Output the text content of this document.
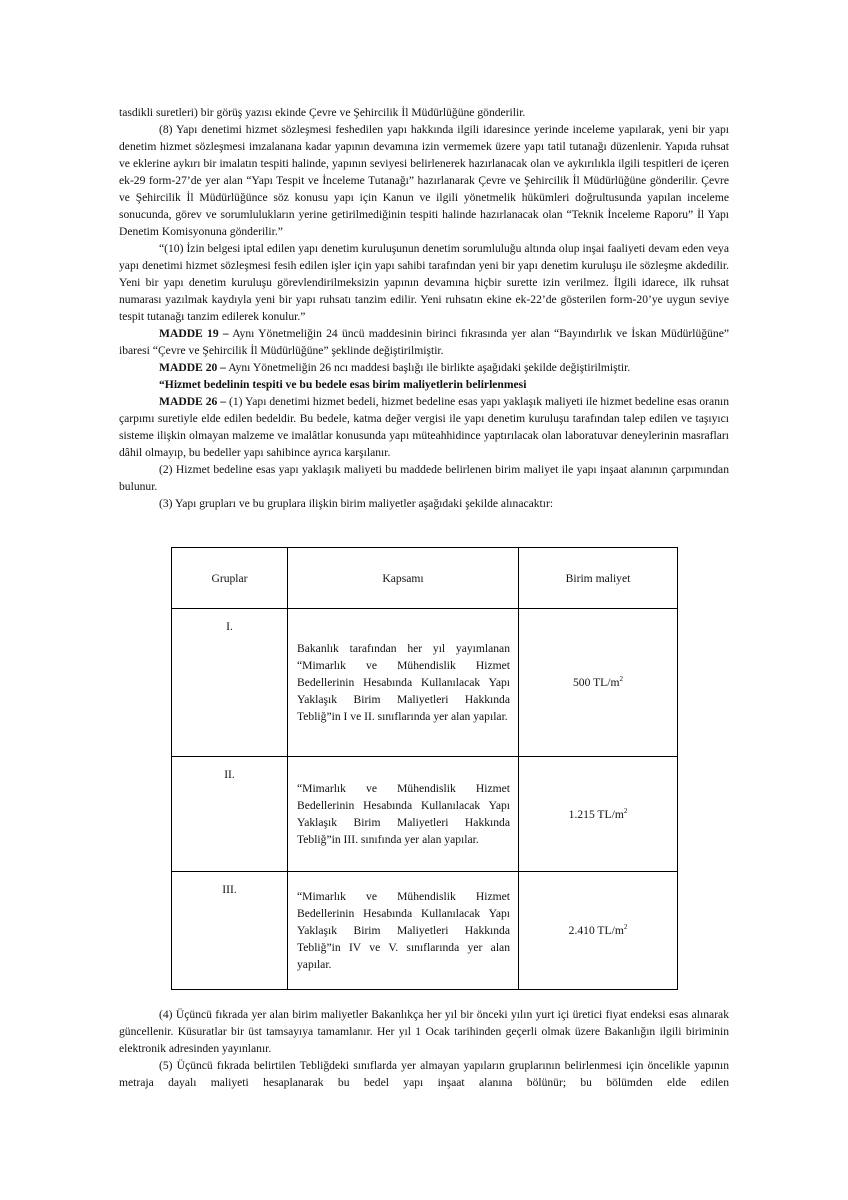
tasdikli suretleri) bir görüş yazısı ekinde Çevre ve Şehircilik İl Müdürlüğüne gönderilir.

(8) Yapı denetimi hizmet sözleşmesi feshedilen yapı hakkında ilgili idaresince yerinde inceleme yapılarak, yeni bir yapı denetim hizmet sözleşmesi imzalanana kadar yapının devamına izin vermemek üzere yapı tatil tutanağı düzenlenir. Yapıda ruhsat ve eklerine aykırı bir imalatın tespiti halinde, yapının seviyesi belirlenerek hazırlanacak olan ve aykırılıkla ilgili tespitleri de içeren ek-29 form-27’de yer alan “Yapı Tespit ve İnceleme Tutanağı” hazırlanarak Çevre ve Şehircilik İl Müdürlüğüne gönderilir. Çevre ve Şehircilik İl Müdürlüğünce söz konusu yapı için Kanun ve ilgili yönetmelik hükümleri doğrultusunda yapılan inceleme sonucunda, görev ve sorumlulukların yerine getirilmediğinin tespiti halinde hazırlanacak olan “Teknik İnceleme Raporu” İl Yapı Denetim Komisyonuna gönderilir.”

“(10) İzin belgesi iptal edilen yapı denetim kuruluşunun denetim sorumluluğu altında olup inşai faaliyeti devam eden veya yapı denetimi hizmet sözleşmesi fesih edilen işler için yapı sahibi tarafından yeni bir yapı denetim kuruluşu ile sözleşme akdedilir. Yeni bir yapı denetim kuruluşu görevlendirilmeksizin yapının devamına hiçbir surette izin verilmez. İlgili idarece, ilk ruhsat numarası yazılmak kaydıyla yeni bir yapı ruhsatı tanzim edilir. Yeni ruhsatın ekine ek-22’de gösterilen form-20’ye uygun seviye tespit tutanağı tanzim edilerek konulur.”

MADDE 19 – Aynı Yönetmeliğin 24 üncü maddesinin birinci fıkrasında yer alan “Bayındırlık ve İskan Müdürlüğüne” ibaresi “Çevre ve Şehircilik İl Müdürlüğüne” şeklinde değiştirilmiştir.

MADDE 20 – Aynı Yönetmeliğin 26 ncı maddesi başlığı ile birlikte aşağıdaki şekilde değiştirilmiştir.

“Hizmet bedelinin tespiti ve bu bedele esas birim maliyetlerin belirlenmesi

MADDE 26 – (1) Yapı denetimi hizmet bedeli, hizmet bedeline esas yapı yaklaşık maliyeti ile hizmet bedeline esas oranın çarpımı suretiyle elde edilen bedeldir. Bu bedele, katma değer vergisi ile yapı denetim kuruluşu tarafından talep edilen ve taşıyıcı sisteme ilişkin olmayan malzeme ve imalâtlar konusunda yapı müteahhidince yaptırılacak olan laboratuvar deneylerinin masrafları dâhil olmayıp, bu bedeller yapı sahibince ayrıca karşılanır.

(2) Hizmet bedeline esas yapı yaklaşık maliyeti bu maddede belirlenen birim maliyet ile yapı inşaat alanının çarpımından bulunur.

(3) Yapı grupları ve bu gruplara ilişkin birim maliyetler aşağıdaki şekilde alınacaktır:

Gruplar	Kapsamı	Birim maliyet
I.	Bakanlık tarafından her yıl yayımlanan “Mimarlık ve Mühendislik Hizmet Bedellerinin Hesabında Kullanılacak Yapı Yaklaşık Birim Maliyetleri Hakkında Tebliğ”in I ve II. sınıflarında yer alan yapılar.	500 $TL/m^2$
II.	“Mimarlık ve Mühendislik Hizmet Bedellerinin Hesabında Kullanılacak Yapı Yaklaşık Birim Maliyetleri Hakkında Tebliğ”in III. sınıfında yer alan yapılar.	1.215 $TL/m^2$
III.	“Mimarlık ve Mühendislik Hizmet Bedellerinin Hesabında Kullanılacak Yapı Yaklaşık Birim Maliyetleri Hakkında Tebliğ”in IV ve V. sınıflarında yer alan yapılar.	2.410 $TL/m^2$

(4) Üçüncü fıkrada yer alan birim maliyetler Bakanlıkça her yıl bir önceki yılın yurt içi üretici fiyat endeksi esas alınarak güncellenir. Küsuratlar bir üst tamsayıya tamamlanır. Her yıl 1 Ocak tarihinden geçerli olmak üzere Bakanlığın ilgili biriminin elektronik adresinden yayınlanır.

(5) Üçüncü fıkrada belirtilen Tebliğdeki sınıflarda yer almayan yapıların gruplarının belirlenmesi için öncelikle yapının metraja dayalı maliyeti hesaplanarak bu bedel yapı inşaat alanına bölünür; bu bölümden elde edilen
